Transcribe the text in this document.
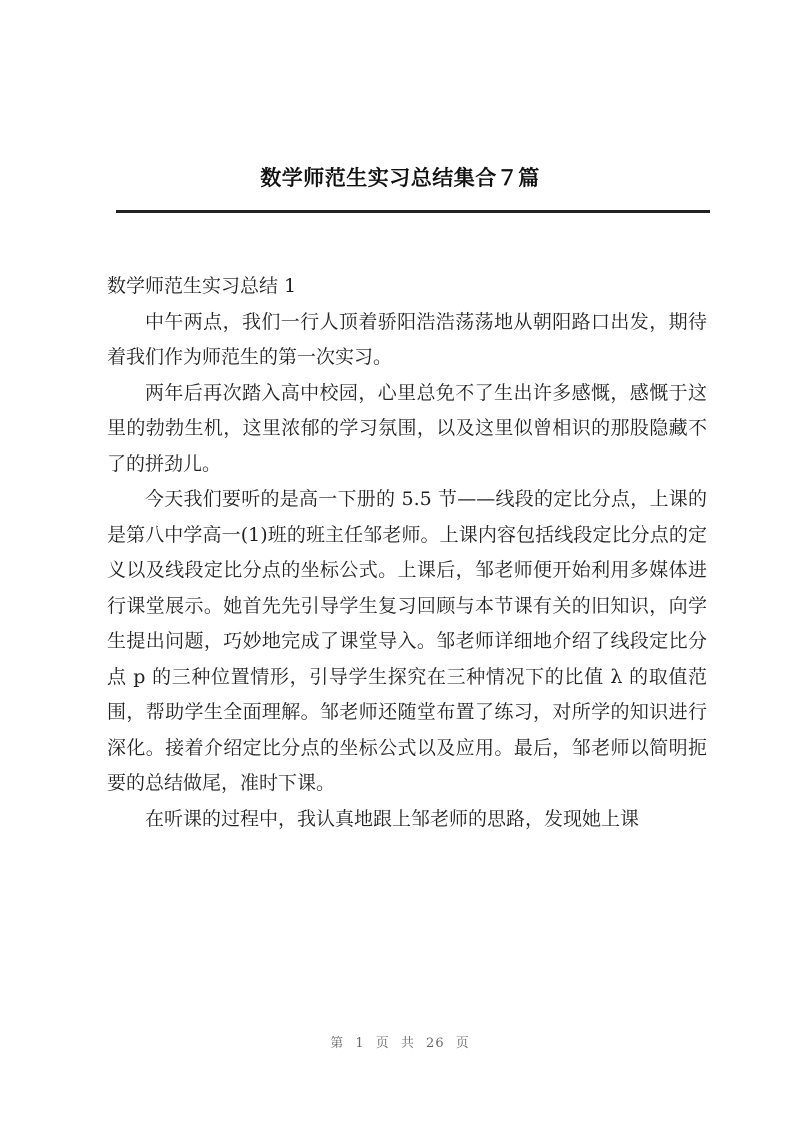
数学师范生实习总结集合７篇

数学师范生实习总结 1

中午两点，我们一行人顶着骄阳浩浩荡荡地从朝阳路口出发，期待着我们作为师范生的第一次实习。

两年后再次踏入高中校园，心里总免不了生出许多感慨，感慨于这里的勃勃生机，这里浓郁的学习氛围，以及这里似曾相识的那股隐藏不了的拼劲儿。

今天我们要听的是高一下册的 5.5 节——线段的定比分点，上课的是第八中学高一(1)班的班主任邹老师。上课内容包括线段定比分点的定义以及线段定比分点的坐标公式。上课后，邹老师便开始利用多媒体进行课堂展示。她首先先引导学生复习回顾与本节课有关的旧知识，向学生提出问题，巧妙地完成了课堂导入。邹老师详细地介绍了线段定比分点 p 的三种位置情形，引导学生探究在三种情况下的比值 λ 的取值范围，帮助学生全面理解。邹老师还随堂布置了练习，对所学的知识进行深化。接着介绍定比分点的坐标公式以及应用。最后，邹老师以简明扼要的总结做尾，准时下课。

在听课的过程中，我认真地跟上邹老师的思路，发现她上课

第 1 页 共 26 页
